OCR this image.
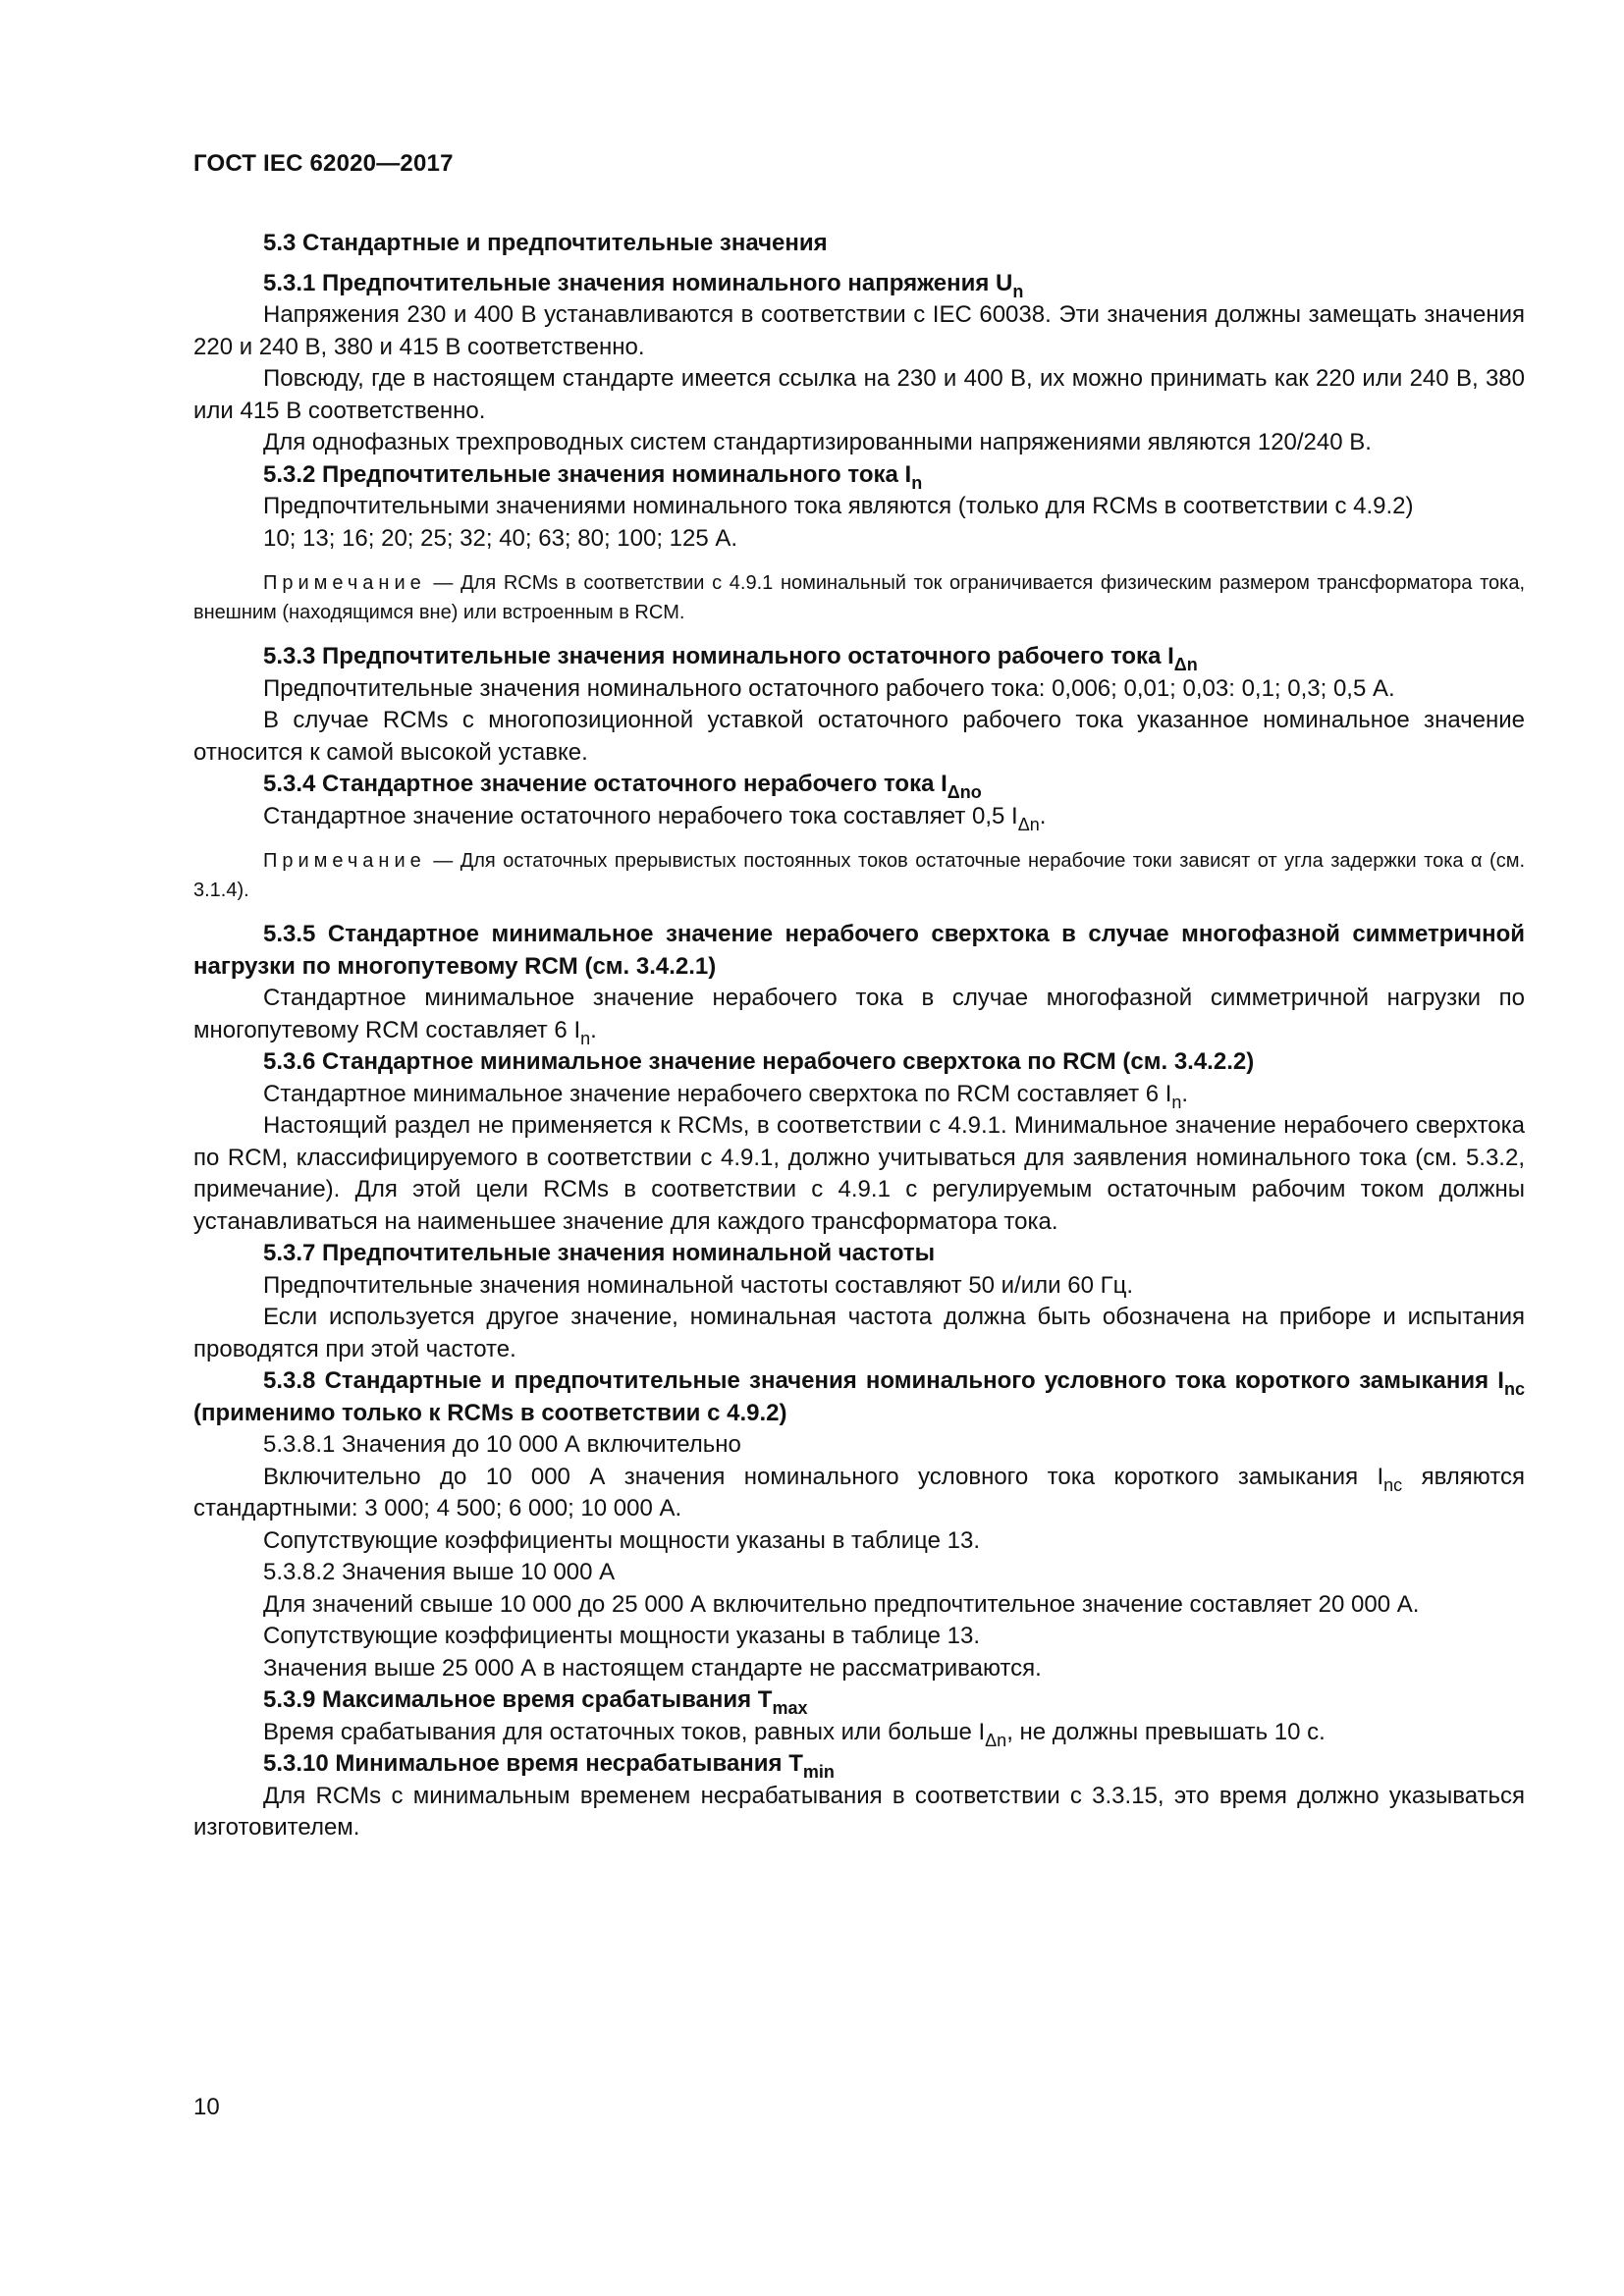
ГОСТ IEC 62020—2017

5.3 Стандартные и предпочтительные значения

5.3.1 Предпочтительные значения номинального напряжения $U_n$

Напряжения 230 и 400 В устанавливаются в соответствии с IEC 60038. Эти значения должны замещать значения 220 и 240 В, 380 и 415 В соответственно.

Повсюду, где в настоящем стандарте имеется ссылка на 230 и 400 В, их можно принимать как 220 или 240 В, 380 или 415 В соответственно.

Для однофазных трехпроводных систем стандартизированными напряжениями являются 120/240 В.

5.3.2 Предпочтительные значения номинального тока $I_n$

Предпочтительными значениями номинального тока являются (только для RCMs в соответствии с 4.9.2)

10; 13; 16; 20; 25; 32; 40; 63; 80; 100; 125 А.

Примечание — Для RCMs в соответствии с 4.9.1 номинальный ток ограничивается физическим размером трансформатора тока, внешним (находящимся вне) или встроенным в RCM.

5.3.3 Предпочтительные значения номинального остаточного рабочего тока $I_{\Delta n}$

Предпочтительные значения номинального остаточного рабочего тока: 0,006; 0,01; 0,03: 0,1; 0,3; 0,5 А.

В случае RCMs с многопозиционной уставкой остаточного рабочего тока указанное номинальное значение относится к самой высокой уставке.

5.3.4 Стандартное значение остаточного нерабочего тока $I_{\Delta no}$

Стандартное значение остаточного нерабочего тока составляет 0,5 $I_{\Delta n}$.

Примечание — Для остаточных прерывистых постоянных токов остаточные нерабочие токи зависят от угла задержки тока α (см. 3.1.4).

5.3.5 Стандартное минимальное значение нерабочего сверхтока в случае многофазной симметричной нагрузки по многопутевому RCM (см. 3.4.2.1)

Стандартное минимальное значение нерабочего тока в случае многофазной симметричной нагрузки по многопутевому RCM составляет 6 $I_n$.

5.3.6 Стандартное минимальное значение нерабочего сверхтока по RCM (см. 3.4.2.2)

Стандартное минимальное значение нерабочего сверхтока по RCM составляет 6 $I_n$.

Настоящий раздел не применяется к RCMs, в соответствии с 4.9.1. Минимальное значение нерабочего сверхтока по RCM, классифицируемого в соответствии с 4.9.1, должно учитываться для заявления номинального тока (см. 5.3.2, примечание). Для этой цели RCMs в соответствии с 4.9.1 с регулируемым остаточным рабочим током должны устанавливаться на наименьшее значение для каждого трансформатора тока.

5.3.7 Предпочтительные значения номинальной частоты

Предпочтительные значения номинальной частоты составляют 50 и/или 60 Гц.

Если используется другое значение, номинальная частота должна быть обозначена на приборе и испытания проводятся при этой частоте.

5.3.8 Стандартные и предпочтительные значения номинального условного тока короткого замыкания $I_{nc}$ (применимо только к RCMs в соответствии с 4.9.2)

5.3.8.1 Значения до 10 000 А включительно

Включительно до 10 000 А значения номинального условного тока короткого замыкания $I_{nc}$ являются стандартными: 3 000; 4 500; 6 000; 10 000 А.

Сопутствующие коэффициенты мощности указаны в таблице 13.

5.3.8.2 Значения выше 10 000 А

Для значений свыше 10 000 до 25 000 А включительно предпочтительное значение составляет 20 000 А.

Сопутствующие коэффициенты мощности указаны в таблице 13.

Значения выше 25 000 А в настоящем стандарте не рассматриваются.

5.3.9 Максимальное время срабатывания $T_{max}$

Время срабатывания для остаточных токов, равных или больше $I_{\Delta n}$, не должны превышать 10 с.

5.3.10 Минимальное время несрабатывания $T_{min}$

Для RCMs с минимальным временем несрабатывания в соответствии с 3.3.15, это время должно указываться изготовителем.

10
